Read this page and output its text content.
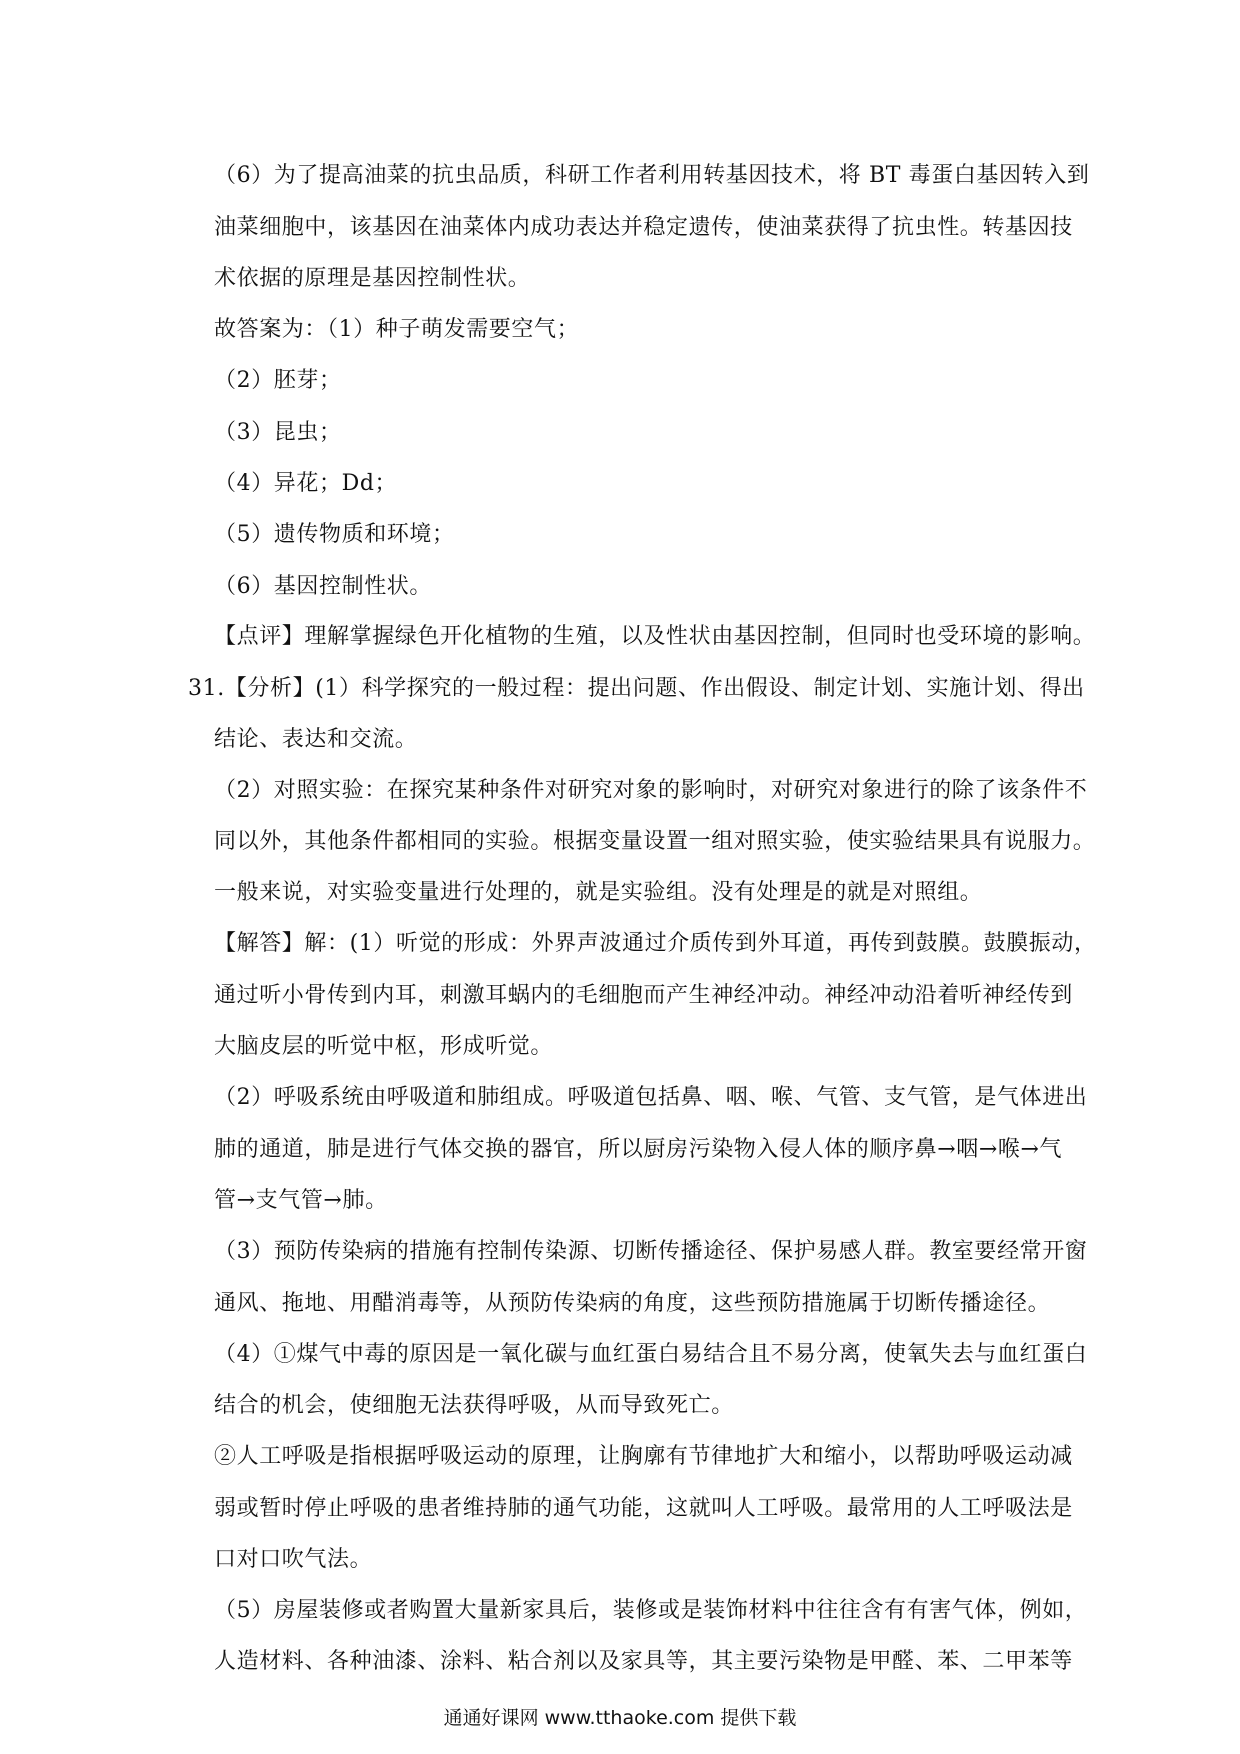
（6）为了提高油菜的抗虫品质，科研工作者利用转基因技术，将 BT 毒蛋白基因转入到

油菜细胞中，该基因在油菜体内成功表达并稳定遗传，使油菜获得了抗虫性。转基因技

术依据的原理是基因控制性状。

故答案为：（1）种子萌发需要空气；

（2）胚芽；

（3）昆虫；

（4）异花；Dd；

（5）遗传物质和环境；

（6）基因控制性状。

【点评】理解掌握绿色开化植物的生殖，以及性状由基因控制，但同时也受环境的影响。

31.【分析】(1）科学探究的一般过程：提出问题、作出假设、制定计划、实施计划、得出

结论、表达和交流。

（2）对照实验：在探究某种条件对研究对象的影响时，对研究对象进行的除了该条件不

同以外，其他条件都相同的实验。根据变量设置一组对照实验，使实验结果具有说服力。

一般来说，对实验变量进行处理的，就是实验组。没有处理是的就是对照组。

【解答】解：(1）听觉的形成：外界声波通过介质传到外耳道，再传到鼓膜。鼓膜振动，

通过听小骨传到内耳，刺激耳蜗内的毛细胞而产生神经冲动。神经冲动沿着听神经传到

大脑皮层的听觉中枢，形成听觉。

（2）呼吸系统由呼吸道和肺组成。呼吸道包括鼻、咽、喉、气管、支气管，是气体进出

肺的通道，肺是进行气体交换的器官，所以厨房污染物入侵人体的顺序鼻→咽→喉→气

管→支气管→肺。

（3）预防传染病的措施有控制传染源、切断传播途径、保护易感人群。教室要经常开窗

通风、拖地、用醋消毒等，从预防传染病的角度，这些预防措施属于切断传播途径。

（4）①煤气中毒的原因是一氧化碳与血红蛋白易结合且不易分离，使氧失去与血红蛋白

结合的机会，使细胞无法获得呼吸，从而导致死亡。

②人工呼吸是指根据呼吸运动的原理，让胸廓有节律地扩大和缩小，以帮助呼吸运动减

弱或暂时停止呼吸的患者维持肺的通气功能，这就叫人工呼吸。最常用的人工呼吸法是

口对口吹气法。

（5）房屋装修或者购置大量新家具后，装修或是装饰材料中往往含有有害气体，例如，

人造材料、各种油漆、涂料、粘合剂以及家具等，其主要污染物是甲醛、苯、二甲苯等

通通好课网 www.tthaoke.com 提供下载
